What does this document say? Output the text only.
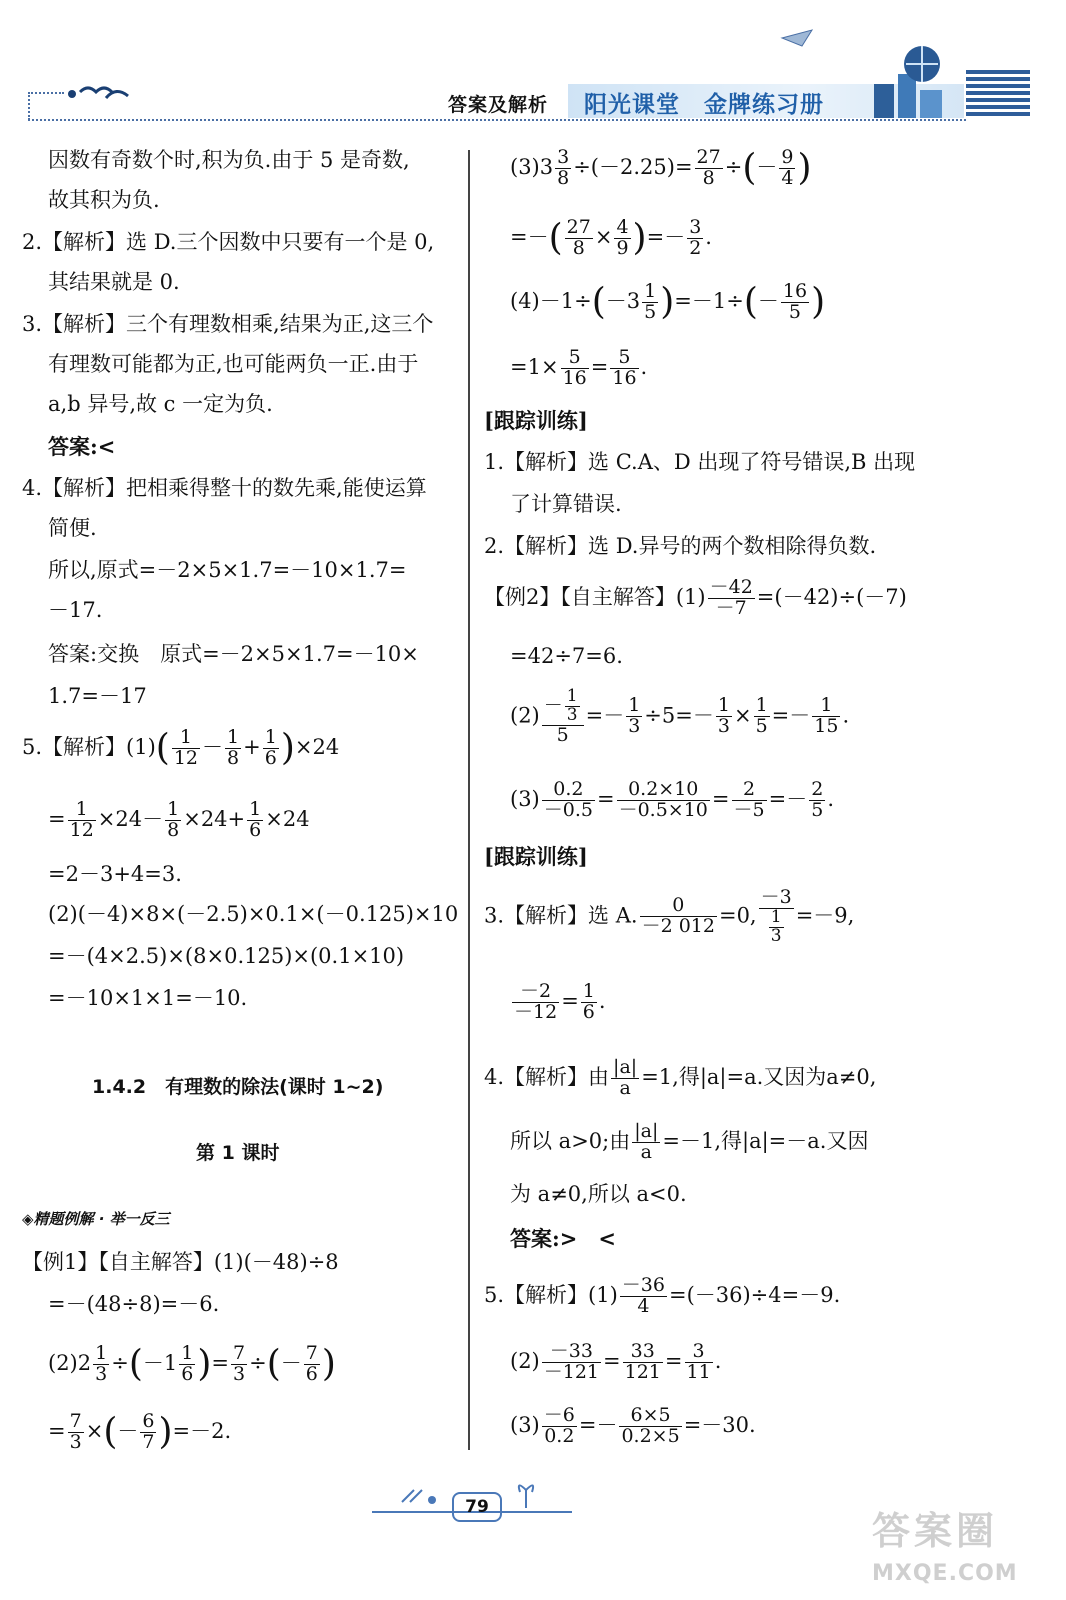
答案及解析 阳光课堂　金牌练习册
因数有奇数个时,积为负.由于 5 是奇数,
故其积为负.
2.【解析】选 D.三个因数中只要有一个是 0,
其结果就是 0.
3.【解析】三个有理数相乘,结果为正,这三个
有理数可能都为正,也可能两负一正.由于
a,b 异号,故 c 一定为负.
答案:<
4.【解析】把相乘得整十的数先乘,能使运算
简便.
所以,原式=－2×5×1.7=－10×1.7=
－17.
答案:交换　原式=－2×5×1.7=－10×
1.7=－17
5.【解析】$(1)( \frac{1}{12} - \frac{1}{8} + \frac{1}{6} )\times 24$
= $\frac{1}{12} \times 24- \frac{1}{8} \times 24+ \frac{1}{6} \times 24$
=2－3+4=3.
(2)(－4)×8×(－2.5)×0.1×(－0.125)×10
=－(4×2.5)×(8×0.125)×(0.1×10)
=－10×1×1=－10.
1.4.2　有理数的除法(课时 1~2)
第 1 课时
◈精题例解 · 举一反三
【例1】【自主解答】(1)(－48)÷8
=－(48÷8)=－6.
$(2)2 \frac{1}{3} \div(-1 \frac{1}{6}$ )= $\frac{7}{3}$ ÷(－ $\frac{7}{6}$ )
= $\frac{7}{3}$ ×(－ $\frac{6}{7} )=-2$.
$(3)3 \frac{3}{8} \div(-2.25)= \frac{27}{8}$ ÷(－ $\frac{9}{4}$ )
=－( $\frac{27}{8} \times \frac{4}{9}$ )=－ $\frac{3}{2}$ .
$(4)-1\div(-3 \frac{1}{5} )=-1\div(- \frac{16}{5}$ )
$=1\times \frac{5}{16} = \frac{5}{16}$ .
[跟踪训练]
1.【解析】选 C.A、D 出现了符号错误,B 出现
了计算错误.
2.【解析】选 D.异号的两个数相除得负数.
【例2】【自主解答】$(1) \frac{-42}{-7} =(-42)\div(-7)$
=42÷7=6.
$(2) \frac{- \frac{1}{3}}{5} =- \frac{1}{3} \div 5=- \frac{1}{3} \times \frac{1}{5} =- \frac{1}{15}$ .
$(3) \frac{0.2}{-0.5} = \frac{0.2\times 10}{-0.5\times 10} = \frac{2}{-5} =- \frac{2}{5}$ .
[跟踪训练]
3.【解析】选 A. $\frac{0}{-2 012} =0$, $\frac{-3}{\frac{1}{3}} =-9$,
$\frac{-2}{-12} = \frac{1}{6}$ .
4.【解析】由 $\frac{|a|}{a} =1$,得|a|=a.又因为a≠0,
所以 a>0;由 $\frac{|a|}{a} =-1$,得|a|=－a.又因
为 a≠0,所以 a<0.
答案:>　<
5.【解析】$(1) \frac{-36}{4} =(-36)\div 4=-9$.
$(2) \frac{-33}{-121} = \frac{33}{121} = \frac{3}{11}$ .
$(3) \frac{-6}{0.2} =- \frac{6\times 5}{0.2\times 5} =-30$.
79
答案圈
MXQE.COM
